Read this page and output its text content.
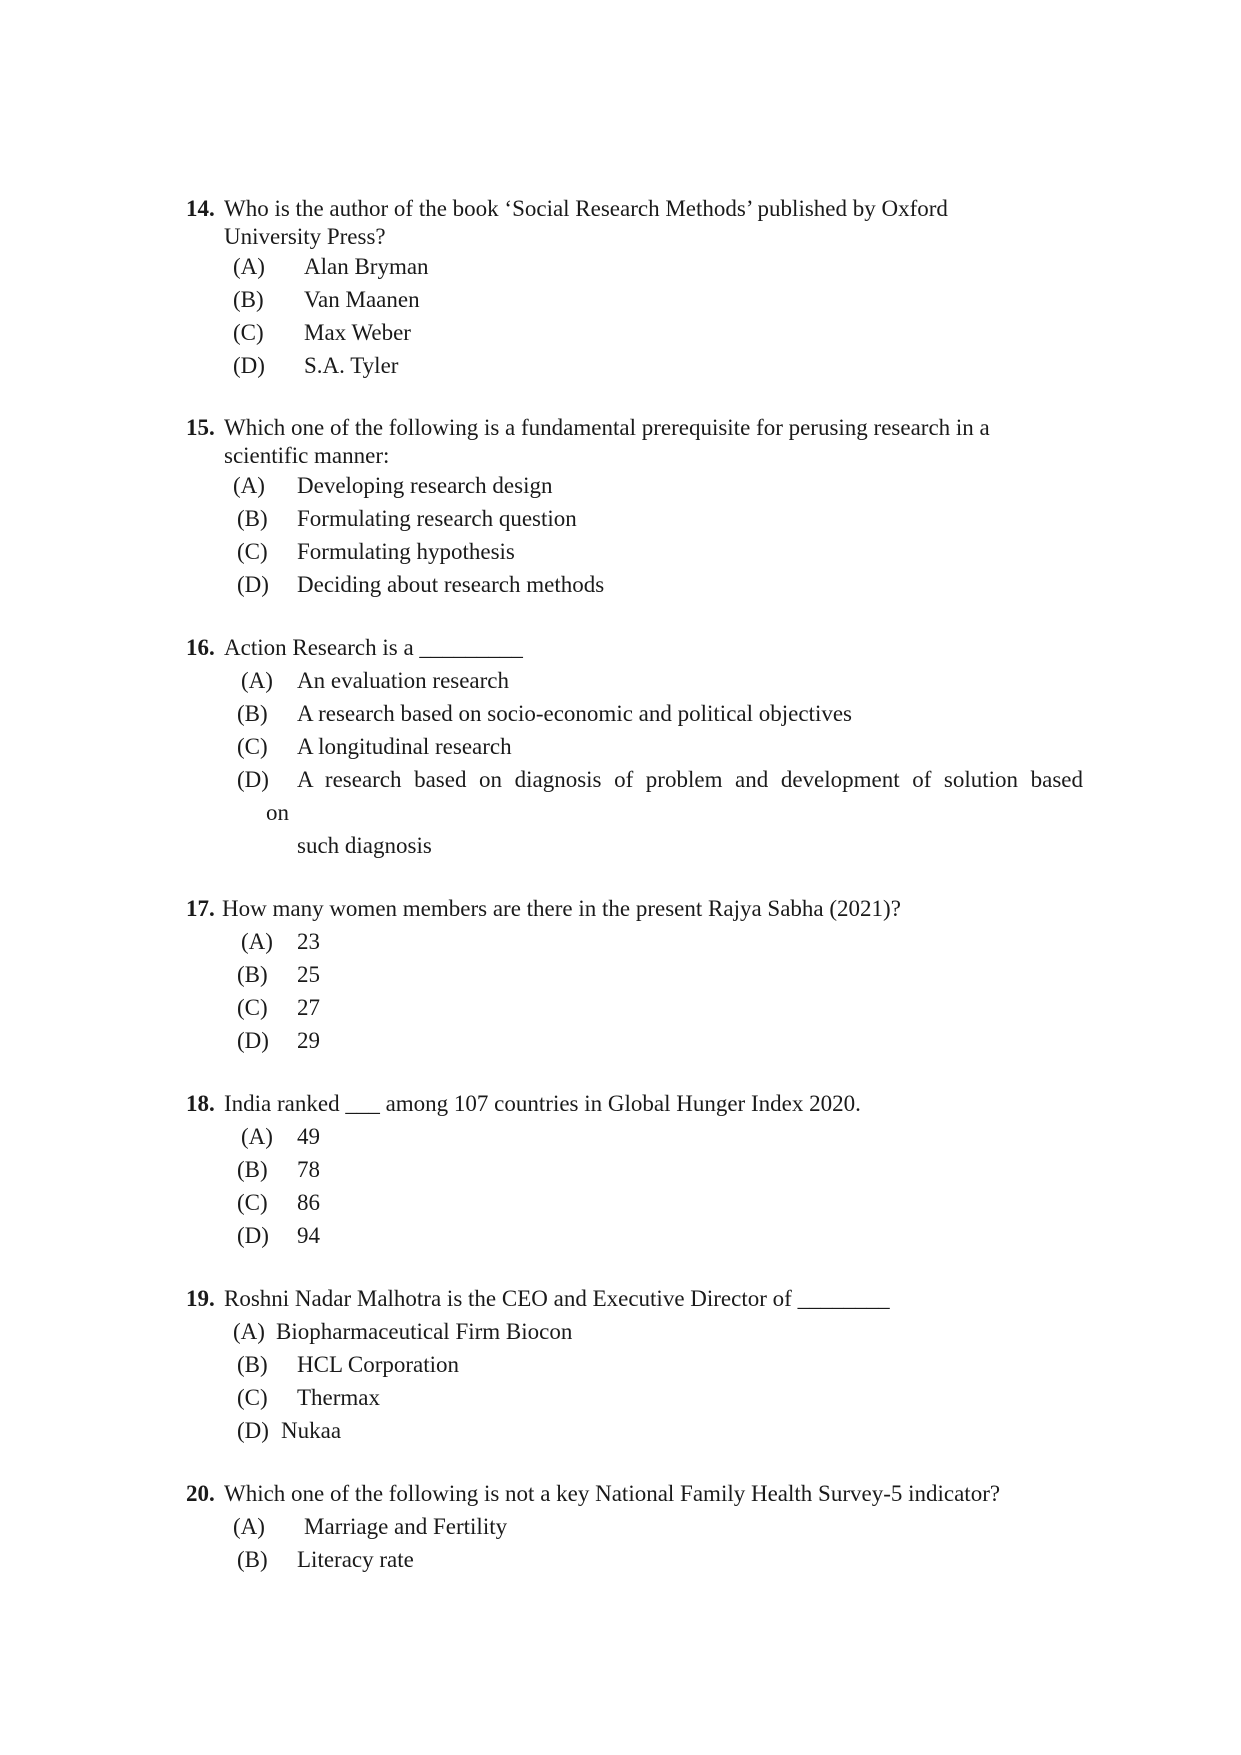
14. Who is the author of the book ‘Social Research Methods’ published by Oxford
University Press?
(A) Alan Bryman
(B) Van Maanen
(C) Max Weber
(D) S.A. Tyler
15. Which one of the following is a fundamental prerequisite for perusing research in a
scientific manner:
(A) Developing research design
(B) Formulating research question
(C) Formulating hypothesis
(D) Deciding about research methods
16. Action Research is a _________
(A) An evaluation research
(B) A research based on socio-economic and political objectives
(C) A longitudinal research
(D) A research based on diagnosis of problem and development of solution based
on
such diagnosis
17. How many women members are there in the present Rajya Sabha (2021)?
(A) 23
(B) 25
(C) 27
(D) 29
18. India ranked ___ among 107 countries in Global Hunger Index 2020.
(A) 49
(B) 78
(C) 86
(D) 94
19. Roshni Nadar Malhotra is the CEO and Executive Director of ________
(A) Biopharmaceutical Firm Biocon
(B) HCL Corporation
(C) Thermax
(D) Nukaa
20. Which one of the following is not a key National Family Health Survey-5 indicator?
(A) Marriage and Fertility
(B) Literacy rate
